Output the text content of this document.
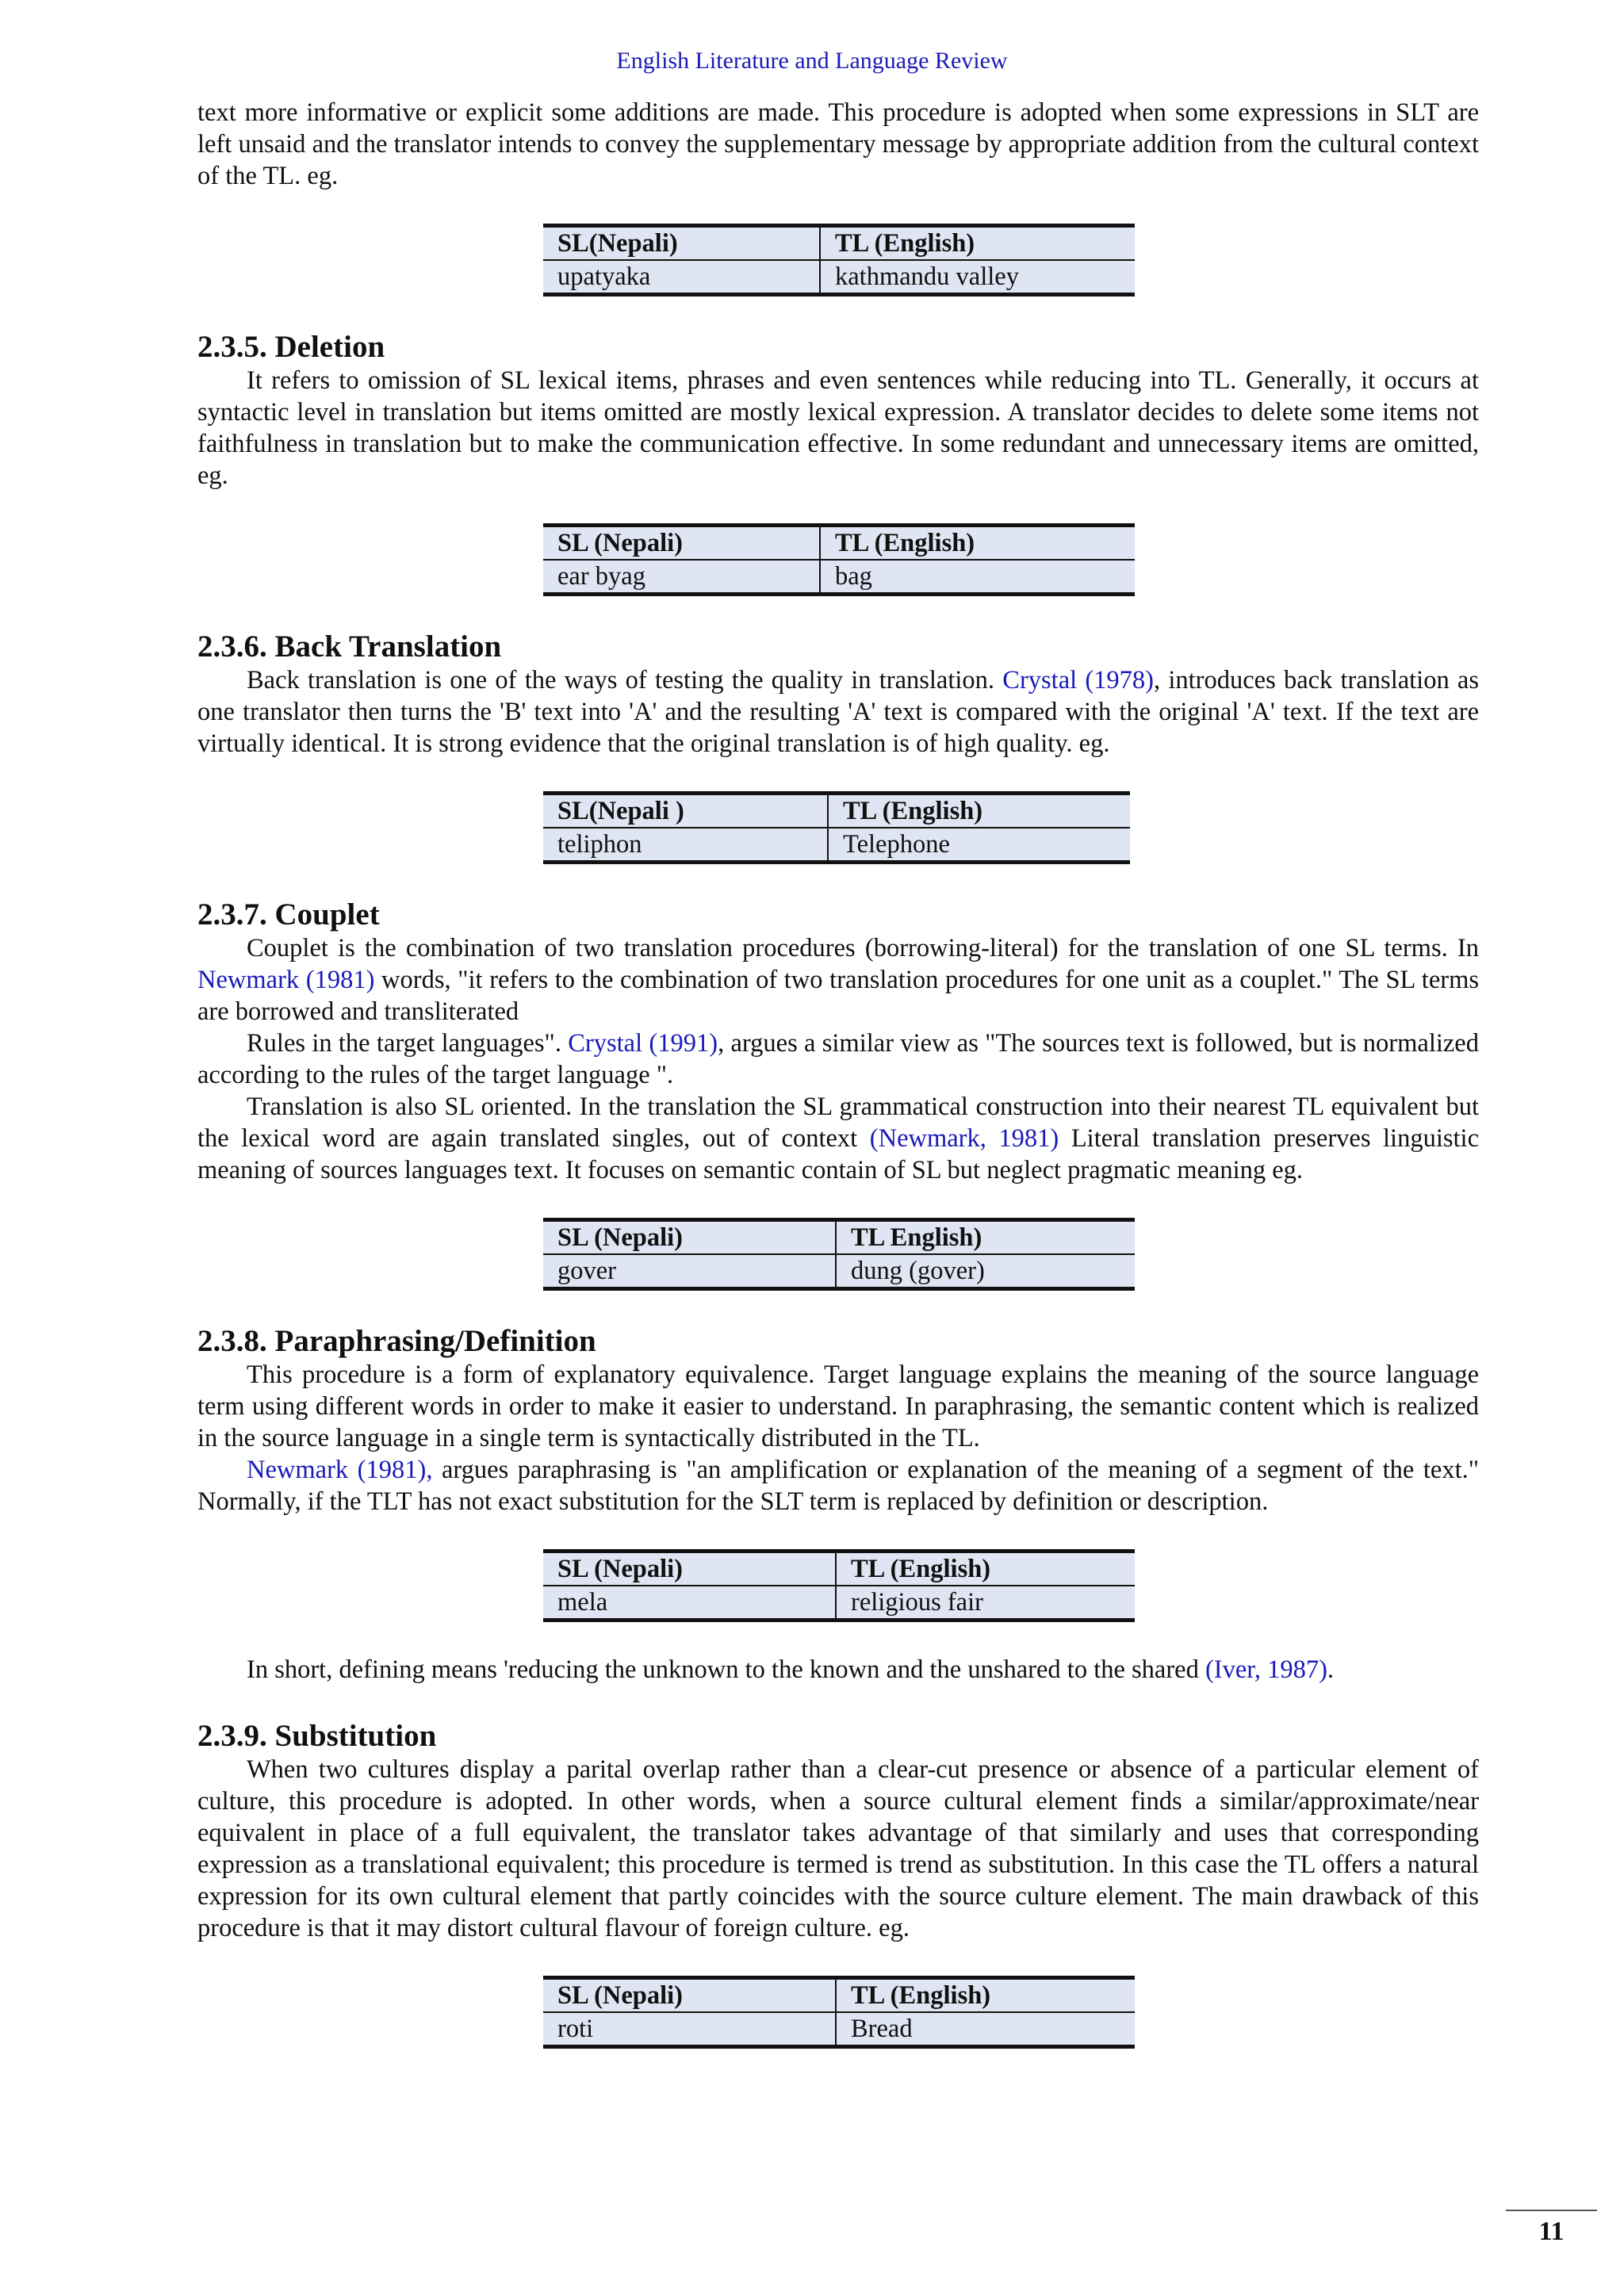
English Literature and Language Review

text more informative or explicit some additions are made. This procedure is adopted when some expressions in SLT are left unsaid and the translator intends to convey the supplementary message by appropriate addition from the cultural context of the TL. eg.

SL(Nepali)	TL (English)
upatyaka	kathmandu valley
2.3.5. Deletion

It refers to omission of SL lexical items, phrases and even sentences while reducing into TL. Generally, it occurs at syntactic level in translation but items omitted are mostly lexical expression. A translator decides to delete some items not faithfulness in translation but to make the communication effective. In some redundant and unnecessary items are omitted, eg.

SL (Nepali)	TL (English)
ear byag	bag
2.3.6. Back Translation

Back translation is one of the ways of testing the quality in translation. Crystal (1978), introduces back translation as one translator then turns the 'B' text into 'A' and the resulting 'A' text is compared with the original 'A' text. If the text are virtually identical. It is strong evidence that the original translation is of high quality. eg.

SL(Nepali )	TL (English)
teliphon	Telephone
2.3.7. Couplet

Couplet is the combination of two translation procedures (borrowing-literal) for the translation of one SL terms. In Newmark (1981) words, "it refers to the combination of two translation procedures for one unit as a couplet." The SL terms are borrowed and transliterated

Rules in the target languages". Crystal (1991), argues a similar view as "The sources text is followed, but is normalized according to the rules of the target language ".

Translation is also SL oriented. In the translation the SL grammatical construction into their nearest TL equivalent but the lexical word are again translated singles, out of context (Newmark, 1981) Literal translation preserves linguistic meaning of sources languages text. It focuses on semantic contain of SL but neglect pragmatic meaning eg.

SL (Nepali)	TL English)
gover	dung (gover)
2.3.8. Paraphrasing/Definition

This procedure is a form of explanatory equivalence. Target language explains the meaning of the source language term using different words in order to make it easier to understand. In paraphrasing, the semantic content which is realized in the source language in a single term is syntactically distributed in the TL.

Newmark (1981), argues paraphrasing is "an amplification or explanation of the meaning of a segment of the text." Normally, if the TLT has not exact substitution for the SLT term is replaced by definition or description.

SL (Nepali)	TL (English)
mela	religious fair

In short, defining means 'reducing the unknown to the known and the unshared to the shared (Iver, 1987).

2.3.9. Substitution

When two cultures display a parital overlap rather than a clear-cut presence or absence of a particular element of culture, this procedure is adopted. In other words, when a source cultural element finds a similar/approximate/near equivalent in place of a full equivalent, the translator takes advantage of that similarly and uses that corresponding expression as a translational equivalent; this procedure is termed is trend as substitution. In this case the TL offers a natural expression for its own cultural element that partly coincides with the source culture element. The main drawback of this procedure is that it may distort cultural flavour of foreign culture. eg.

SL (Nepali)	TL (English)
roti	Bread
11
